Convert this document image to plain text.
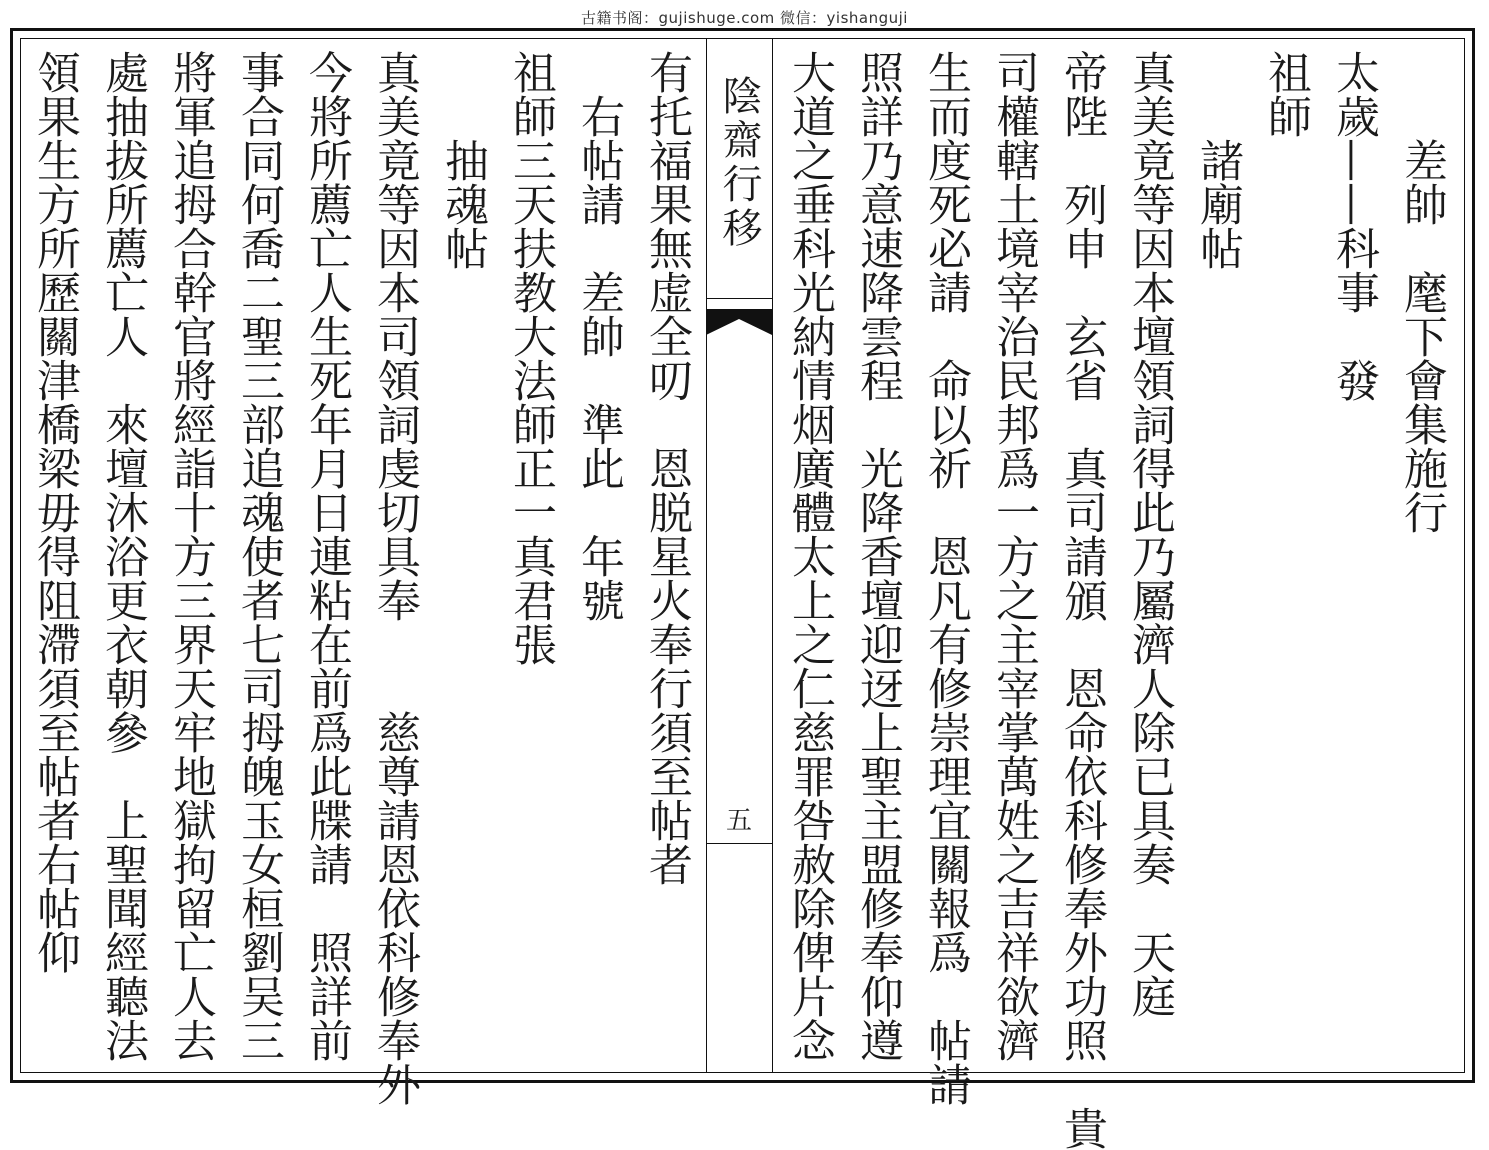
古籍书阁：gujishuge.com 微信：yishanguji
陰齋行移
五
　　差帥　麾下會集施行
太歲——科事　發
祖師
　　諸廟帖
真美竟等因本壇領詞得此乃屬濟人除已具奏　天庭
帝陛　列申　玄省　真司請頒　恩命依科修奉外功照　貴
司權轄土境宰治民邦爲一方之主宰掌萬姓之吉祥欲濟
生而度死必請　命以祈　恩凡有修崇理宜關報爲　帖請
照詳乃意速降雲程　光降香壇迎迓上聖主盟修奉仰遵
大道之垂科光納情烟廣體太上之仁慈罪咎赦除俾片念
有托福果無虚全叨　恩脱星火奉行須至帖者
　右帖請　差帥　準此　年號
祖師三天扶教大法師正一真君張
　　抽魂帖
真美竟等因本司領詞虔切具奉　　慈尊請恩依科修奉外
今將所薦亡人生死年月日連粘在前爲此牒請　照詳前
事合同何喬二聖三部追魂使者七司拇魄玉女桓劉吴三
將軍追拇合幹官將經詣十方三界天牢地獄拘留亡人去
處抽拔所薦亡人　來壇沐浴更衣朝參　上聖聞經聽法
領果生方所歷關津橋梁毋得阻滯須至帖者右帖仰
